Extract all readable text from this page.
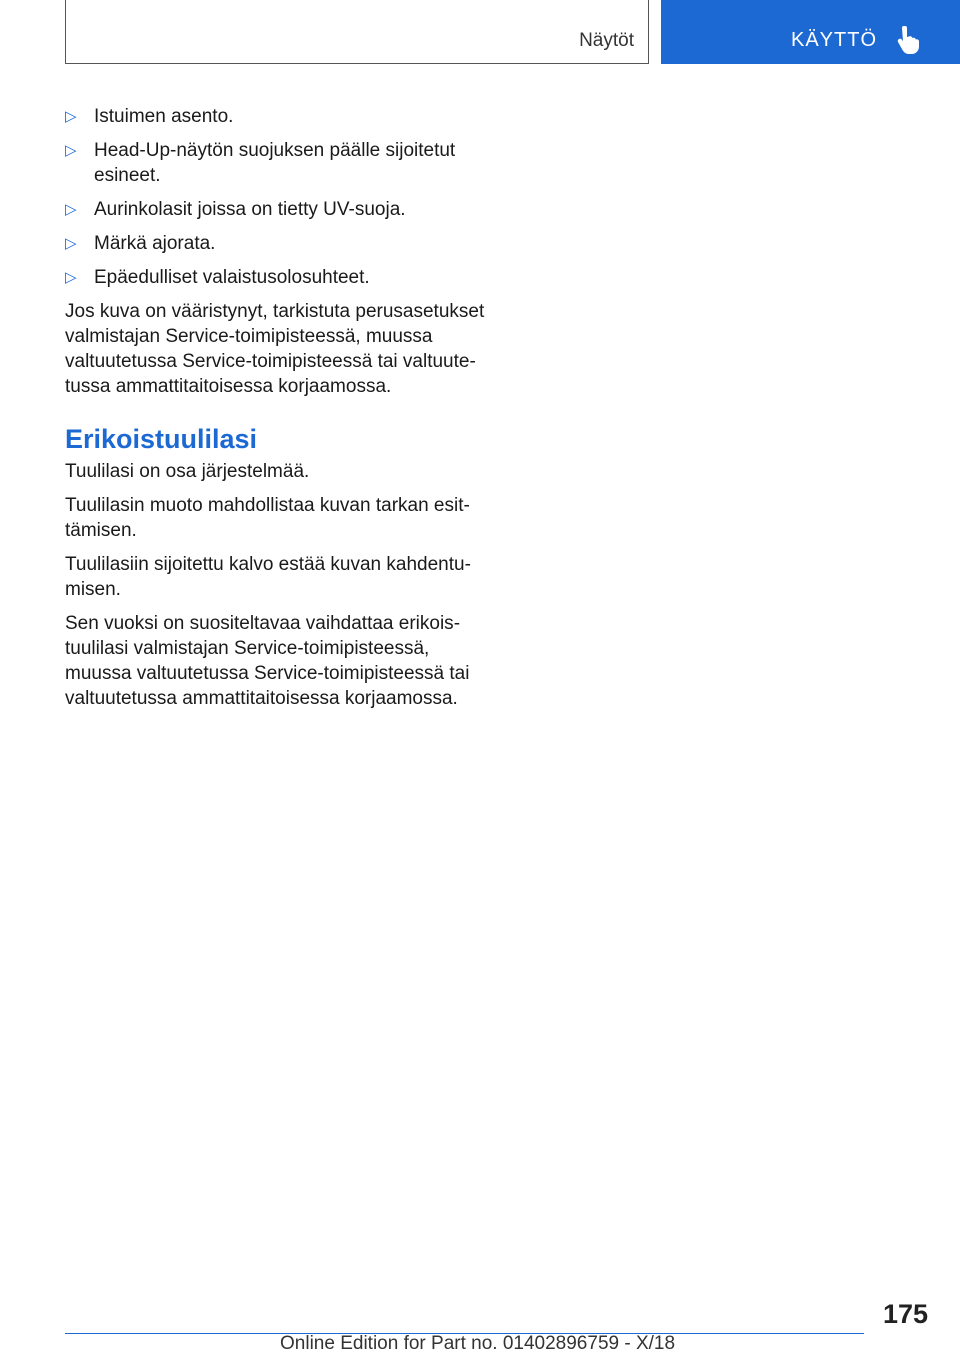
Näytöt	KÄYTTÖ
▷ Istuimen asento.
▷ Head-Up-näytön suojuksen päälle sijoitetut esineet.
▷ Aurinkolasit joissa on tietty UV-suoja.
▷ Märkä ajorata.
▷ Epäedulliset valaistusolosuhteet.

Jos kuva on vääristynyt, tarkistuta perusasetukset valmistajan Service-toimipisteessä, muussa valtuutetussa Service-toimipisteessä tai valtuutetussa ammattitaitoisessa korjaamossa.

Erikoistuulilasi

Tuulilasi on osa järjestelmää.

Tuulilasin muoto mahdollistaa kuvan tarkan esittämisen.

Tuulilasiin sijoitettu kalvo estää kuvan kahdentumisen.

Sen vuoksi on suositeltavaa vaihdattaa erikoistuulilasi valmistajan Service-toimipisteessä, muussa valtuutetussa Service-toimipisteessä tai valtuutetussa ammattitaitoisessa korjaamossa.

175
Online Edition for Part no. 01402896759 - X/18
